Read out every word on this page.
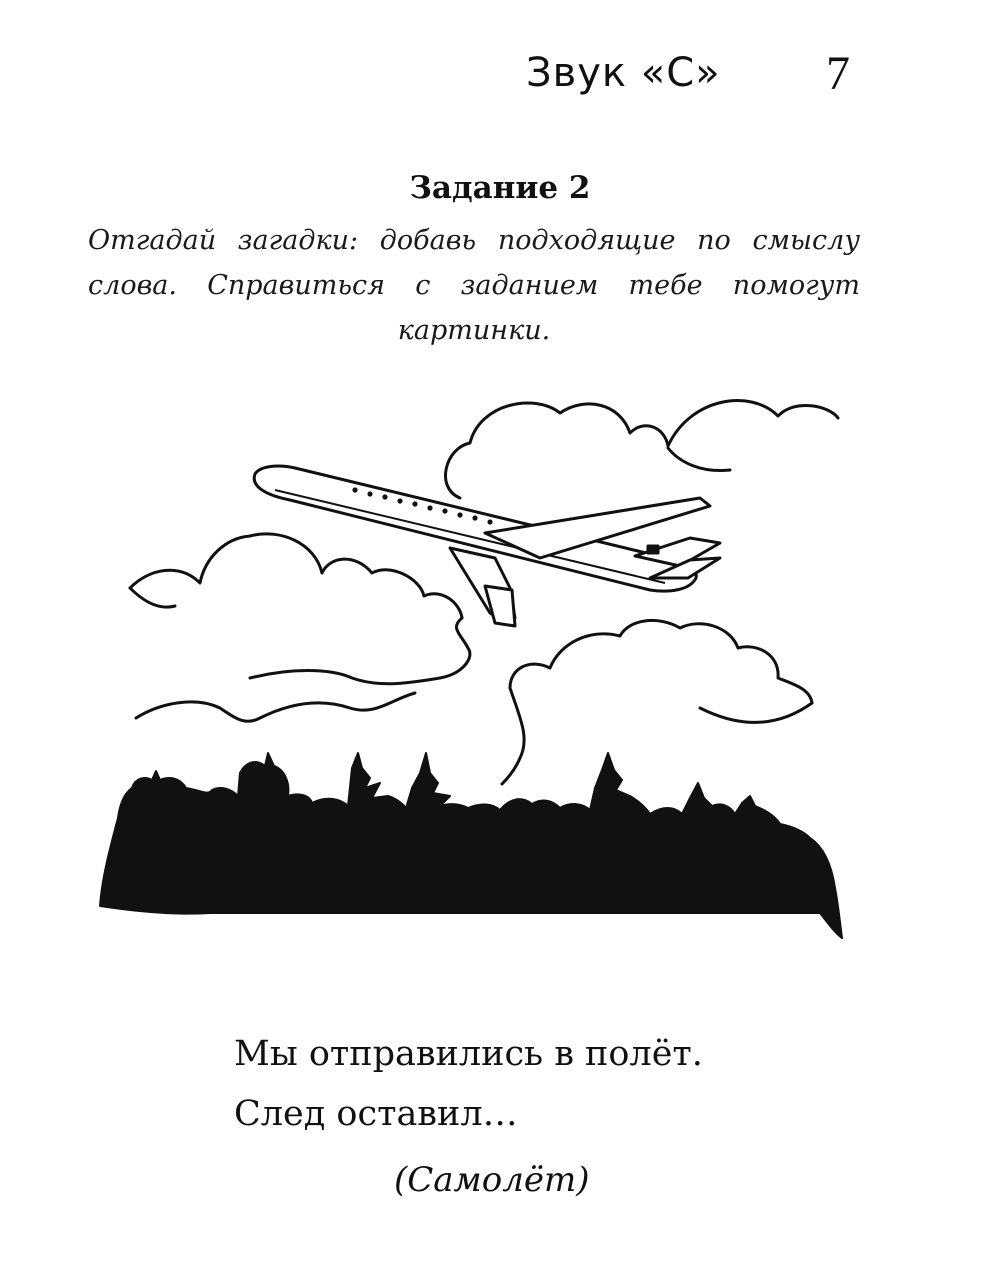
Звук «С» 7
Задание 2
Отгадай загадки: добавь подходящие по смыслу слова. Справиться с заданием тебе помогут картинки.
Мы отправились в полёт.
След оставил…
(Самолёт)
